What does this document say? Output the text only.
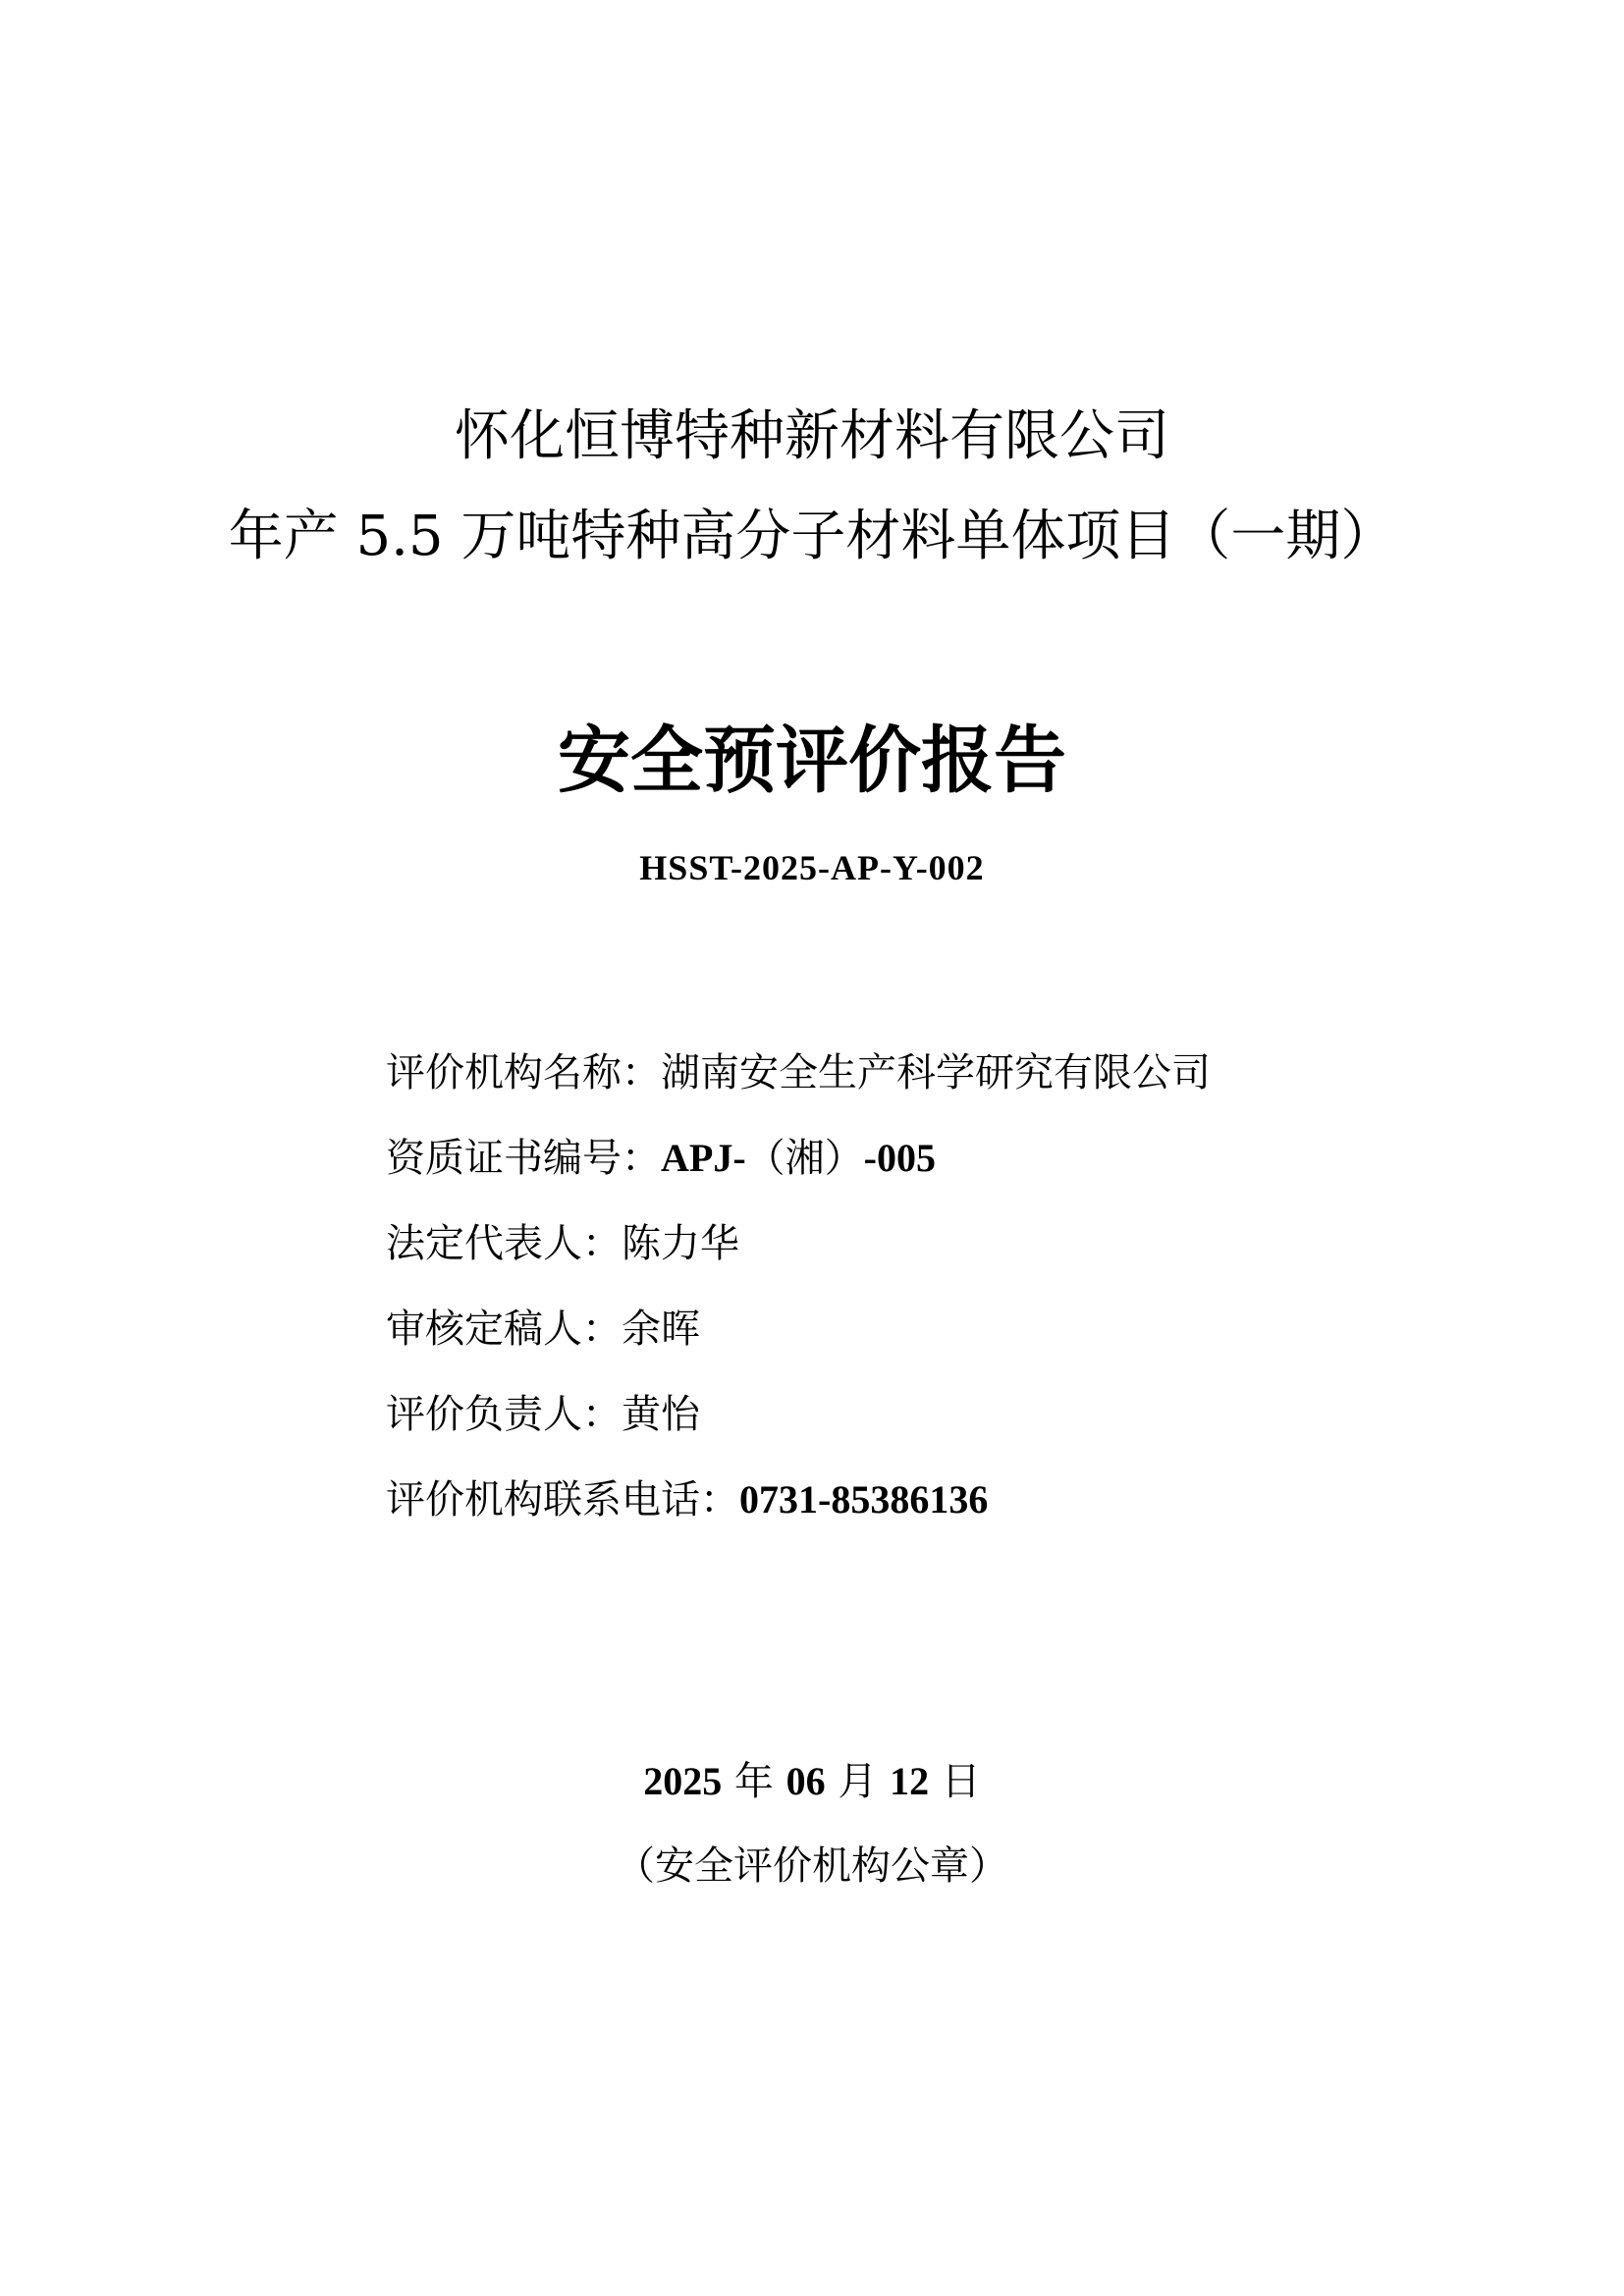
怀化恒博特种新材料有限公司
年产 5.5 万吨特种高分子材料单体项目（一期）
安全预评价报告
HSST-2025-AP-Y-002
评价机构名称：湖南安全生产科学研究有限公司
资质证书编号：APJ-（湘）-005
法定代表人：陈力华
审核定稿人：余晖
评价负责人：黄怡
评价机构联系电话：0731-85386136
2025 年 06 月 12 日
（安全评价机构公章）
